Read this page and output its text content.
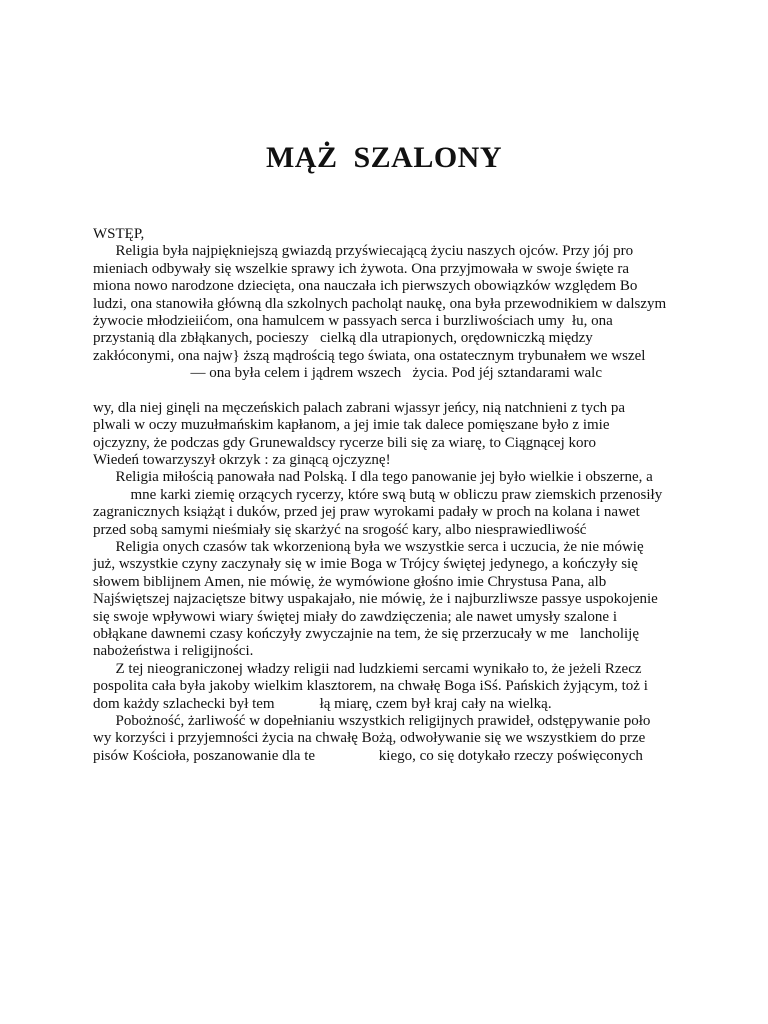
MĄŻ  SZALONY
WSTĘP,
Religia była najpiękniejszą gwiazdą przyświecającą życiu naszych ojców. Przy jój pro
mieniach odbywały się wszelkie sprawy ich żywota. Ona przyjmowała w swoje święte ra
miona nowo narodzone dziecięta, ona nauczała ich pierwszych obowiązków względem Bo
ludzi, ona stanowiła główną dla szkolnych pacholąt naukę, ona była przewodnikiem w dalszym
żywocie młodzieiićom, ona hamulcem w passyach serca i burzliwościach umy  łu, ona
przystanią dla zbłąkanych, pocieszy   cielką dla utrapionych, orędowniczką między
zakłóconymi, ona najw} ższą mądrością tego świata, ona ostatecznym trybunałem we wszel
— ona była celem i jądrem wszech   życia. Pod jéj sztandarami walc
wy, dla niej ginęli na męczeńskich palach zabrani wjassyr jeńcy, nią natchnieni z tych pa
plwali w oczy muzułmańskim kapłanom, a jej imie tak dalece pomięszane było z imie
ojczyzny, że podczas gdy Grunewaldscy rycerze bili się za wiarę, to Ciągnącej koro
Wiedeń towarzyszył okrzyk : za ginącą ojczyznę!
Religia miłością panowała nad Polską. I dla tego panowanie jej było wielkie i obszerne, a
mne karki ziemię orzących rycerzy, które swą butą w obliczu praw ziemskich przenosiły
zagranicznych książąt i duków, przed jej praw wyrokami padały w proch na kolana i nawet
przed sobą samymi nieśmiały się skarżyć na srogość kary, albo niesprawiedliwość
Religia onych czasów tak wkorzenioną była we wszystkie serca i uczucia, że nie mówię
już, wszystkie czyny zaczynały się w imie Boga w Trójcy świętej jedynego, a kończyły się
słowem biblijnem Amen, nie mówię, że wymówione głośno imie Chrystusa Pana, alb
Najświętszej najzaciętsze bitwy uspakajało, nie mówię, że i najburzliwsze passye uspokojenie
się swoje wpływowi wiary świętej miały do zawdzięczenia; ale nawet umysły szalone i
obłąkane dawnemi czasy kończyły zwyczajnie na tem, że się przerzucały w me   lancholiję
nabożeństwa i religijności.
Z tej nieograniczonej władzy religii nad ludzkiemi sercami wynikało to, że jeżeli Rzecz
pospolita cała była jakoby wielkim klasztorem, na chwałę Boga iSś. Pańskich żyjącym, toż i
dom każdy szlachecki był tem            łą miarę, czem był kraj cały na wielką.
Pobożność, żarliwość w dopełnianiu wszystkich religijnych prawideł, odstępywanie poło
wy korzyści i przyjemności życia na chwałę Bożą, odwoływanie się we wszystkiem do prze
pisów Kościoła, poszanowanie dla te                 kiego, co się dotykało rzeczy poświęconych
